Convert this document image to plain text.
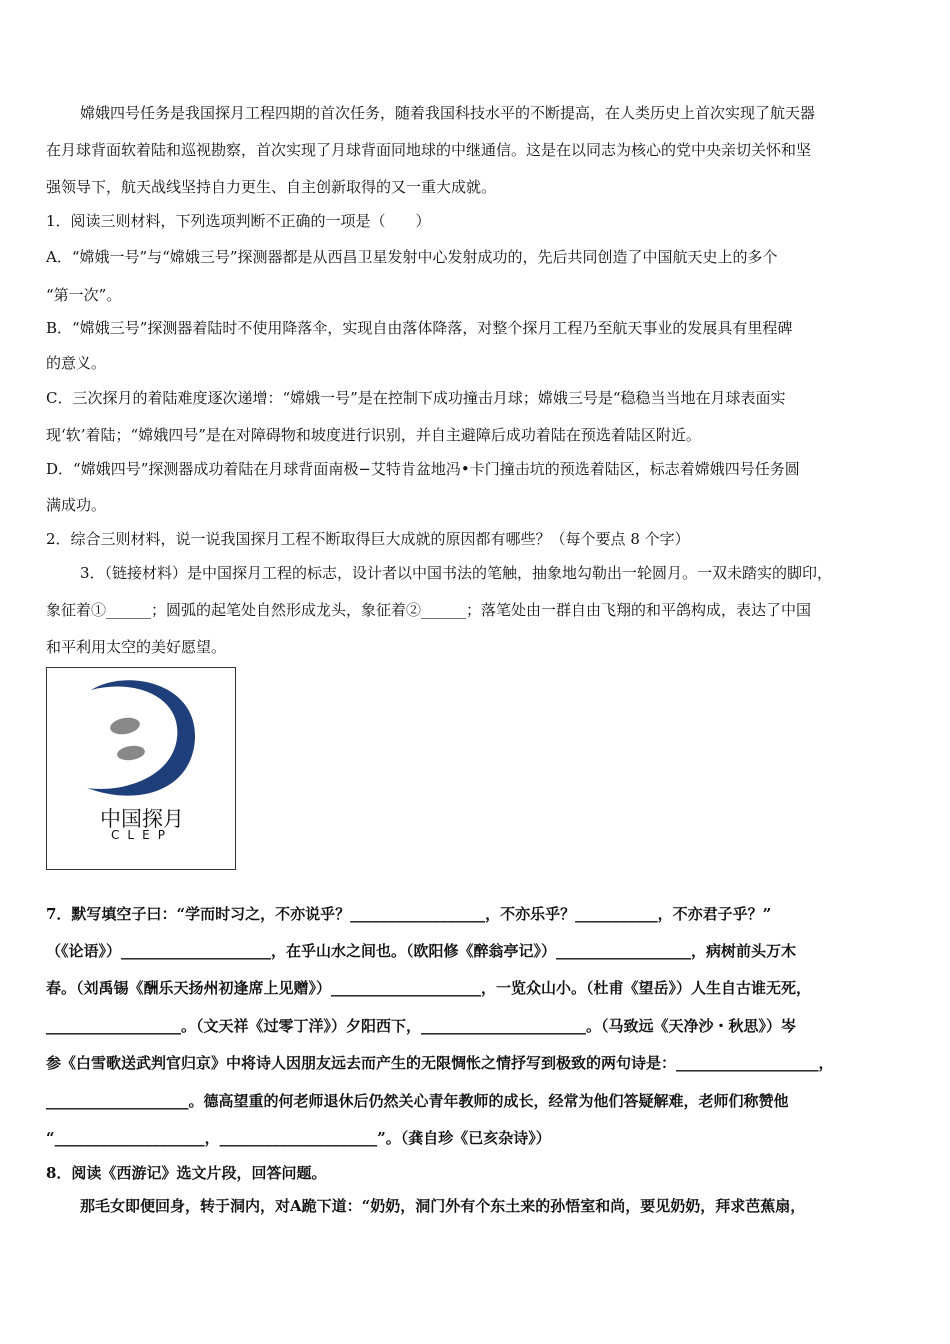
嫦娥四号任务是我国探月工程四期的首次任务，随着我国科技水平的不断提高，在人类历史上首次实现了航天器
在月球背面软着陆和巡视勘察，首次实现了月球背面同地球的中继通信。这是在以同志为核心的党中央亲切关怀和坚
强领导下，航天战线坚持自力更生、自主创新取得的又一重大成就。
1．阅读三则材料，下列选项判断不正确的一项是（　　）
A．“嫦娥一号”与“嫦娥三号”探测器都是从西昌卫星发射中心发射成功的，先后共同创造了中国航天史上的多个
“第一次”。
B．“嫦娥三号”探测器着陆时不使用降落伞，实现自由落体降落，对整个探月工程乃至航天事业的发展具有里程碑
的意义。
C．三次探月的着陆难度逐次递增：“嫦娥一号”是在控制下成功撞击月球；嫦娥三号是“稳稳当当地在月球表面实
现‘软’着陆；“嫦娥四号”是在对障碍物和坡度进行识别，并自主避障后成功着陆在预选着陆区附近。
D．“嫦娥四号”探测器成功着陆在月球背面南极−艾特肯盆地冯•卡门撞击坑的预选着陆区，标志着嫦娥四号任务圆
满成功。
2．综合三则材料，说一说我国探月工程不断取得巨大成就的原因都有哪些？（每个要点 8 个字）
3．（链接材料）是中国探月工程的标志，设计者以中国书法的笔触，抽象地勾勒出一轮圆月。一双未踏实的脚印，
象征着①______；圆弧的起笔处自然形成龙头，象征着②______；落笔处由一群自由飞翔的和平鸽构成，表达了中国
和平利用太空的美好愿望。
中国探月
CLEP
7．默写填空子曰：“学而时习之，不亦说乎？__________________，不亦乐乎？___________，不亦君子乎？”
（《论语》）____________________，在乎山水之间也。（欧阳修《醉翁亭记》）__________________，病树前头万木
春。（刘禹锡《酬乐天扬州初逢席上见赠》）____________________，一览众山小。（杜甫《望岳》）人生自古谁无死，
__________________。（文天祥《过零丁洋》）夕阳西下，______________________。（马致远《天净沙・秋思》）岑
参《白雪歌送武判官归京》中将诗人因朋友远去而产生的无限惆怅之情抒写到极致的两句诗是：___________________，
___________________。德高望重的何老师退休后仍然关心青年教师的成长，经常为他们答疑解难，老师们称赞他
“____________________，_____________________”。（龚自珍《已亥杂诗》）
8．阅读《西游记》选文片段，回答问题。
那毛女即便回身，转于洞内，对A跪下道：“奶奶，洞门外有个东土来的孙悟室和尚，要见奶奶，拜求芭蕉扇，
